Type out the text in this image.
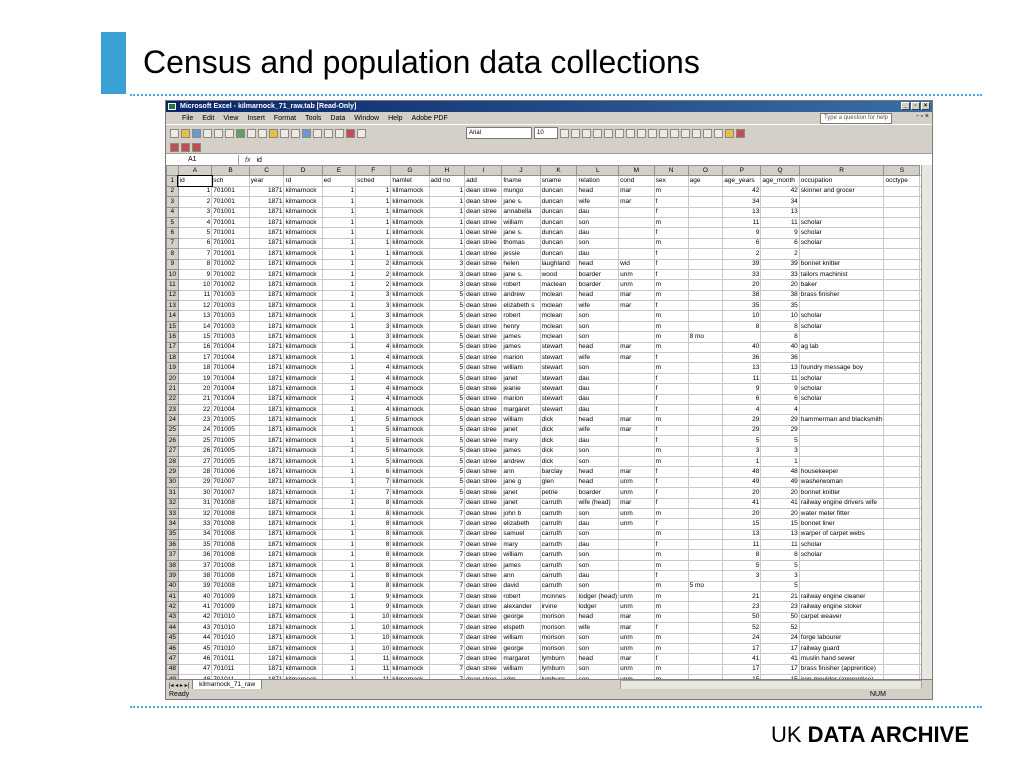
Census and population data collections
Microsoft Excel - kilmarnock_71_raw.tab [Read-Only]	_	▫	×
File Edit View Insert Format Tools Data Window Help Adobe PDF	Type a question for help	- ▫ ×
Arial	10
A1	fx id
	A	B	C	D	E	F	G	H	I	J	K	L	M	N	O	P	Q	R	S	
1	id	sch	year	rd	ed	sched	hamlet	add no	add	fname	sname	relation	cond	sex	age	age_years	age_month	occupation	occtype	
2	1	701001	1871	kilmarnock	1	1	kilmarnock	1	dean stree	mungo	duncan	head	mar	m		42	42	skinner and grocer		
3	2	701001	1871	kilmarnock	1	1	kilmarnock	1	dean stree	jane s.	duncan	wife	mar	f		34	34			
4	3	701001	1871	kilmarnock	1	1	kilmarnock	1	dean stree	annabella	duncan	dau		f		13	13			
5	4	701001	1871	kilmarnock	1	1	kilmarnock	1	dean stree	william	duncan	son		m		11	11	scholar		
6	5	701001	1871	kilmarnock	1	1	kilmarnock	1	dean stree	jane s.	duncan	dau		f		9	9	scholar		
7	6	701001	1871	kilmarnock	1	1	kilmarnock	1	dean stree	thomas	duncan	son		m		6	6	scholar		
8	7	701001	1871	kilmarnock	1	1	kilmarnock	1	dean stree	jessie	duncan	dau		f		2	2			
9	8	701002	1871	kilmarnock	1	2	kilmarnock	3	dean stree	helen	laughland	head	wid	f		39	39	bonnet knitter		
10	9	701002	1871	kilmarnock	1	2	kilmarnock	3	dean stree	jane s.	wood	boarder	unm	f		33	33	tailors machinist		
11	10	701002	1871	kilmarnock	1	2	kilmarnock	3	dean stree	robert	maclean	boarder	unm	m		20	20	baker		
12	11	701003	1871	kilmarnock	1	3	kilmarnock	5	dean stree	andrew	mclean	head	mar	m		38	38	brass finisher		
13	12	701003	1871	kilmarnock	1	3	kilmarnock	5	dean stree	elizabeth s	mclean	wife	mar	f		35	35			
14	13	701003	1871	kilmarnock	1	3	kilmarnock	5	dean stree	robert	mclean	son		m		10	10	scholar		
15	14	701003	1871	kilmarnock	1	3	kilmarnock	5	dean stree	henry	mclean	son		m		8	8	scholar		
16	15	701003	1871	kilmarnock	1	3	kilmarnock	5	dean stree	james	mclean	son		m	8 mo		8			
17	16	701004	1871	kilmarnock	1	4	kilmarnock	5	dean stree	james	stewart	head	mar	m		40	40	ag lab		
18	17	701004	1871	kilmarnock	1	4	kilmarnock	5	dean stree	marion	stewart	wife	mar	f		36	36			
19	18	701004	1871	kilmarnock	1	4	kilmarnock	5	dean stree	william	stewart	son		m		13	13	foundry message boy		
20	19	701004	1871	kilmarnock	1	4	kilmarnock	5	dean stree	janet	stewart	dau		f		11	11	scholar		
21	20	701004	1871	kilmarnock	1	4	kilmarnock	5	dean stree	jeanie	stewart	dau		f		9	9	scholar		
22	21	701004	1871	kilmarnock	1	4	kilmarnock	5	dean stree	marion	stewart	dau		f		6	6	scholar		
23	22	701004	1871	kilmarnock	1	4	kilmarnock	5	dean stree	margaret	stewart	dau		f		4	4			
24	23	701005	1871	kilmarnock	1	5	kilmarnock	5	dean stree	william	dick	head	mar	m		29	29	hammerman and blacksmith		
25	24	701005	1871	kilmarnock	1	5	kilmarnock	5	dean stree	janet	dick	wife	mar	f		29	29			
26	25	701005	1871	kilmarnock	1	5	kilmarnock	5	dean stree	mary	dick	dau		f		5	5			
27	26	701005	1871	kilmarnock	1	5	kilmarnock	5	dean stree	james	dick	son		m		3	3			
28	27	701005	1871	kilmarnock	1	5	kilmarnock	5	dean stree	andrew	dick	son		m		1	1			
29	28	701006	1871	kilmarnock	1	6	kilmarnock	5	dean stree	ann	barclay	head	mar	f		48	48	housekeeper		
30	29	701007	1871	kilmarnock	1	7	kilmarnock	5	dean stree	jane g	glen	head	unm	f		49	49	washerwoman		
31	30	701007	1871	kilmarnock	1	7	kilmarnock	5	dean stree	janet	petrie	boarder	unm	f		20	20	bonnet knitter		
32	31	701008	1871	kilmarnock	1	8	kilmarnock	7	dean stree	janet	carruth	wife (head)	mar	f		41	41	railway engine drivers wife		
33	32	701008	1871	kilmarnock	1	8	kilmarnock	7	dean stree	john b	carruth	son	unm	m		20	20	water meter fitter		
34	33	701008	1871	kilmarnock	1	8	kilmarnock	7	dean stree	elizabeth	carruth	dau	unm	f		15	15	bonnet liner		
35	34	701008	1871	kilmarnock	1	8	kilmarnock	7	dean stree	samuel	carruth	son		m		13	13	warper of carpet webs		
36	35	701008	1871	kilmarnock	1	8	kilmarnock	7	dean stree	mary	carruth	dau		f		11	11	scholar		
37	36	701008	1871	kilmarnock	1	8	kilmarnock	7	dean stree	william	carruth	son		m		8	8	scholar		
38	37	701008	1871	kilmarnock	1	8	kilmarnock	7	dean stree	james	carruth	son		m		5	5			
39	38	701008	1871	kilmarnock	1	8	kilmarnock	7	dean stree	ann	carruth	dau		f		3	3			
40	39	701008	1871	kilmarnock	1	8	kilmarnock	7	dean stree	david	carruth	son		m	5 mo		5			
41	40	701009	1871	kilmarnock	1	9	kilmarnock	7	dean stree	robert	mcinnes	lodger (head)	unm	m		21	21	railway engine cleaner		
42	41	701009	1871	kilmarnock	1	9	kilmarnock	7	dean stree	alexander	irvine	lodger	unm	m		23	23	railway engine stoker		
43	42	701010	1871	kilmarnock	1	10	kilmarnock	7	dean stree	george	morison	head	mar	m		50	50	carpet weaver		
44	43	701010	1871	kilmarnock	1	10	kilmarnock	7	dean stree	elspeth	morison	wife	mar	f		52	52			
45	44	701010	1871	kilmarnock	1	10	kilmarnock	7	dean stree	william	morison	son	unm	m		24	24	forge labourer		
46	45	701010	1871	kilmarnock	1	10	kilmarnock	7	dean stree	george	morison	son	unm	m		17	17	railway guard		
47	46	701011	1871	kilmarnock	1	11	kilmarnock	7	dean stree	margaret	lymburn	head	mar	f		41	41	muslin hand sewer		
48	47	701011	1871	kilmarnock	1	11	kilmarnock	7	dean stree	william	lymburn	son	unm	m		17	17	brass finisher (apprentice)		

|◂ ◂ ▸ ▸|	kilmarnock_71_raw
Ready	NUM
UK DATA ARCHIVE
